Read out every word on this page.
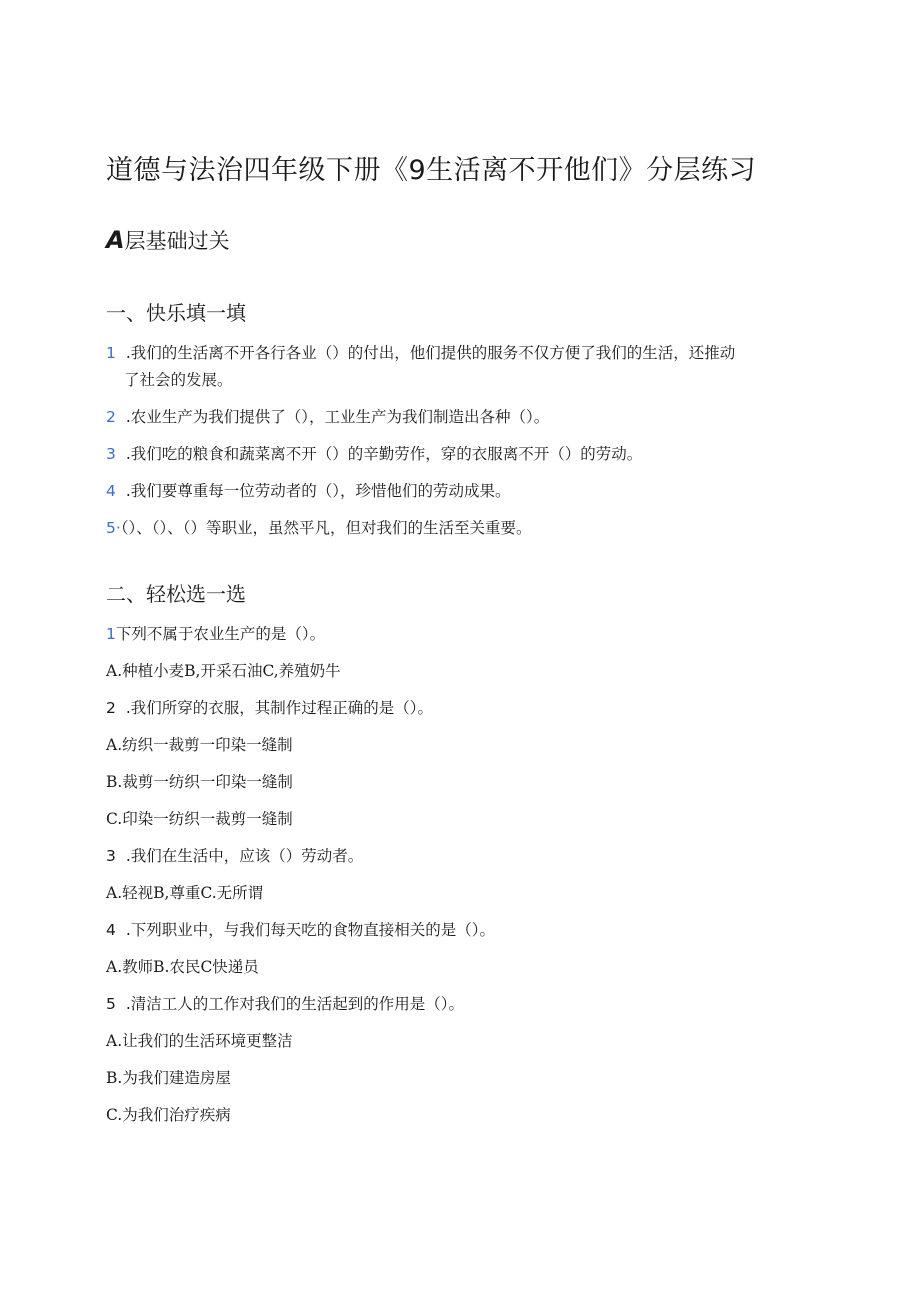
道德与法治四年级下册《9生活离不开他们》分层练习
A层基础过关
一、快乐填一填
1 .我们的生活离不开各行各业（）的付出，他们提供的服务不仅方便了我们的生活，还推动
了社会的发展。
2 .农业生产为我们提供了（），工业生产为我们制造出各种（）。
3 .我们吃的粮食和蔬菜离不开（）的辛勤劳作，穿的衣服离不开（）的劳动。
4 .我们要尊重每一位劳动者的（），珍惜他们的劳动成果。
5·（）、（）、（）等职业，虽然平凡，但对我们的生活至关重要。
二、轻松选一选
1下列不属于农业生产的是（）。
A.种植小麦B,开采石油C,养殖奶牛
2 .我们所穿的衣服，其制作过程正确的是（）。
A.纺织一裁剪一印染一缝制
B.裁剪一纺织一印染一缝制
C.印染一纺织一裁剪一缝制
3 .我们在生活中，应该（）劳动者。
A.轻视B,尊重C.无所谓
4 .下列职业中，与我们每天吃的食物直接相关的是（）。
A.教师B.农民C快递员
5 .清洁工人的工作对我们的生活起到的作用是（）。
A.让我们的生活环境更整洁
B.为我们建造房屋
C.为我们治疗疾病
